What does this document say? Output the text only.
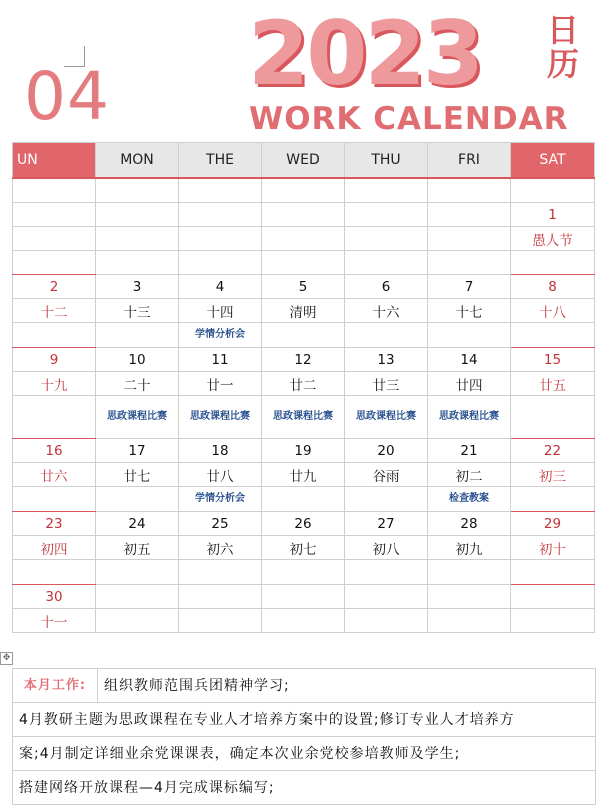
04 2023 日历
WORK CALENDAR
UN	MON	THE	WED	THU	FRI	SAT

						1
						愚人节

2	3	4	5	6	7	8
十二	十三	十四	清明	十六	十七	十八
		学情分析会				
9	10	11	12	13	14	15
十九	二十	廿一	廿二	廿三	廿四	廿五
	思政课程比赛	思政课程比赛	思政课程比赛	思政课程比赛	思政课程比赛	
16	17	18	19	20	21	22
廿六	廿七	廿八	廿九	谷雨	初二	初三
		学情分析会			检查教案	
23	24	25	26	27	28	29
初四	初五	初六	初七	初八	初九	初十

30						
十一						
✥
本月工作:	组织教师范围兵团精神学习;
4月教研主题为思政课程在专业人才培养方案中的设置;修订专业人才培养方
案;4月制定详细业余党课课表，确定本次业余党校参培教师及学生;
搭建网络开放课程—4月完成课标编写;
